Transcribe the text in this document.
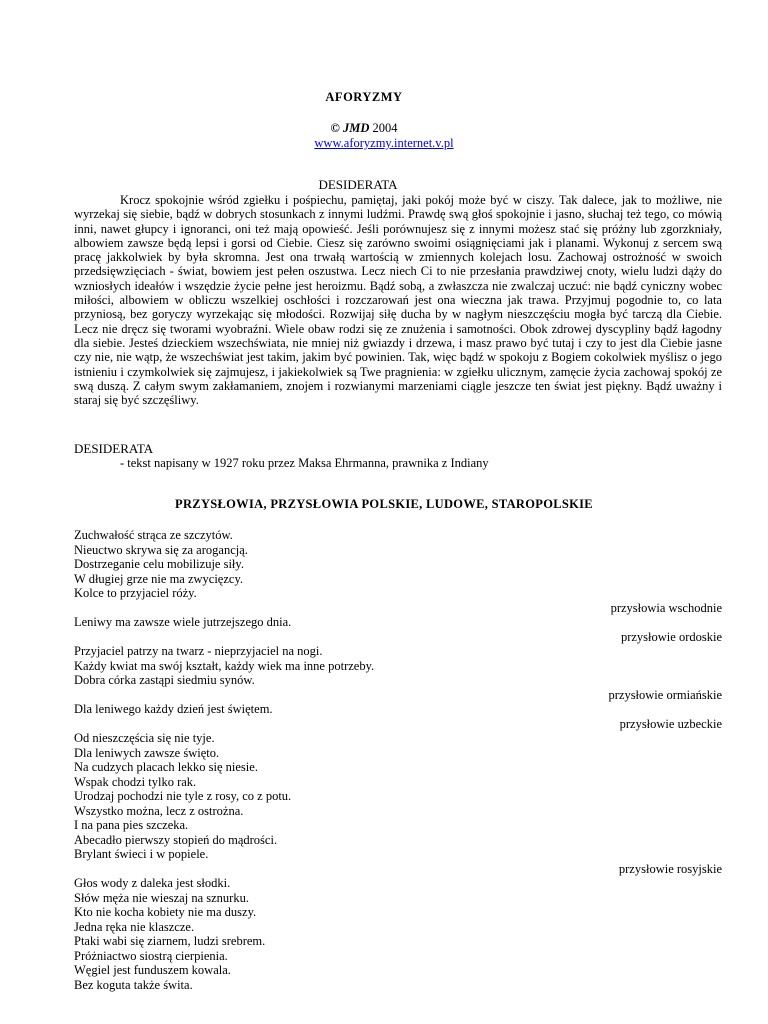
AFORYZMY
© JMD 2004
www.aforyzmy.internet.v.pl
DESIDERATA
Krocz spokojnie wśród zgiełku i pośpiechu, pamiętaj, jaki pokój może być w ciszy. Tak dalece, jak to możliwe, nie wyrzekaj się siebie, bądź w dobrych stosunkach z innymi ludźmi. Prawdę swą głoś spokojnie i jasno, słuchaj też tego, co mówią inni, nawet głupcy i ignoranci, oni też mają opowieść. Jeśli porównujesz się z innymi możesz stać się próżny lub zgorzkniały, albowiem zawsze będą lepsi i gorsi od Ciebie. Ciesz się zarówno swoimi osiągnięciami jak i planami. Wykonuj z sercem swą pracę jakkolwiek by była skromna. Jest ona trwałą wartością w zmiennych kolejach losu. Zachowaj ostrożność w swoich przedsięwzięciach - świat, bowiem jest pełen oszustwa. Lecz niech Ci to nie przesłania prawdziwej cnoty, wielu ludzi dąży do wzniosłych ideałów i wszędzie życie pełne jest heroizmu. Bądź sobą, a zwłaszcza nie zwalczaj uczuć: nie bądź cyniczny wobec miłości, albowiem w obliczu wszelkiej oschłości i rozczarowań jest ona wieczna jak trawa. Przyjmuj pogodnie to, co lata przyniosą, bez goryczy wyrzekając się młodości. Rozwijaj siłę ducha by w nagłym nieszczęściu mogła być tarczą dla Ciebie. Lecz nie dręcz się tworami wyobraźni. Wiele obaw rodzi się ze znużenia i samotności. Obok zdrowej dyscypliny bądź łagodny dla siebie. Jesteś dzieckiem wszechświata, nie mniej niż gwiazdy i drzewa, i masz prawo być tutaj i czy to jest dla Ciebie jasne czy nie, nie wątp, że wszechświat jest takim, jakim być powinien. Tak, więc bądź w spokoju z Bogiem cokolwiek myślisz o jego istnieniu i czymkolwiek się zajmujesz, i jakiekolwiek są Twe pragnienia: w zgiełku ulicznym, zamęcie życia zachowaj spokój ze swą duszą. Z całym swym zakłamaniem, znojem i rozwianymi marzeniami ciągle jeszcze ten świat jest piękny. Bądź uważny i staraj się być szczęśliwy.
DESIDERATA
- tekst napisany w 1927 roku przez Maksa Ehrmanna, prawnika z Indiany
PRZYSŁOWIA, PRZYSŁOWIA POLSKIE, LUDOWE, STAROPOLSKIE
Zuchwałość strąca ze szczytów.
Nieuctwo skrywa się za arogancją.
Dostrzeganie celu mobilizuje siły.
W długiej grze nie ma zwycięzcy.
Kolce to przyjaciel róży.
przysłowia wschodnie
Leniwy ma zawsze wiele jutrzejszego dnia.
przysłowie ordoskie
Przyjaciel patrzy na twarz - nieprzyjaciel na nogi.
Każdy kwiat ma swój kształt, każdy wiek ma inne potrzeby.
Dobra córka zastąpi siedmiu synów.
przysłowie ormiańskie
Dla leniwego każdy dzień jest świętem.
przysłowie uzbeckie
Od nieszczęścia się nie tyje.
Dla leniwych zawsze święto.
Na cudzych placach lekko się niesie.
Wspak chodzi tylko rak.
Urodzaj pochodzi nie tyle z rosy, co z potu.
Wszystko można, lecz z ostrożna.
I na pana pies szczeka.
Abecadło pierwszy stopień do mądrości.
Brylant świeci i w popiele.
przysłowie rosyjskie
Głos wody z daleka jest słodki.
Słów męża nie wieszaj na sznurku.
Kto nie kocha kobiety nie ma duszy.
Jedna ręka nie klaszcze.
Ptaki wabi się ziarnem, ludzi srebrem.
Próżniactwo siostrą cierpienia.
Węgiel jest funduszem kowala.
Bez koguta także świta.
